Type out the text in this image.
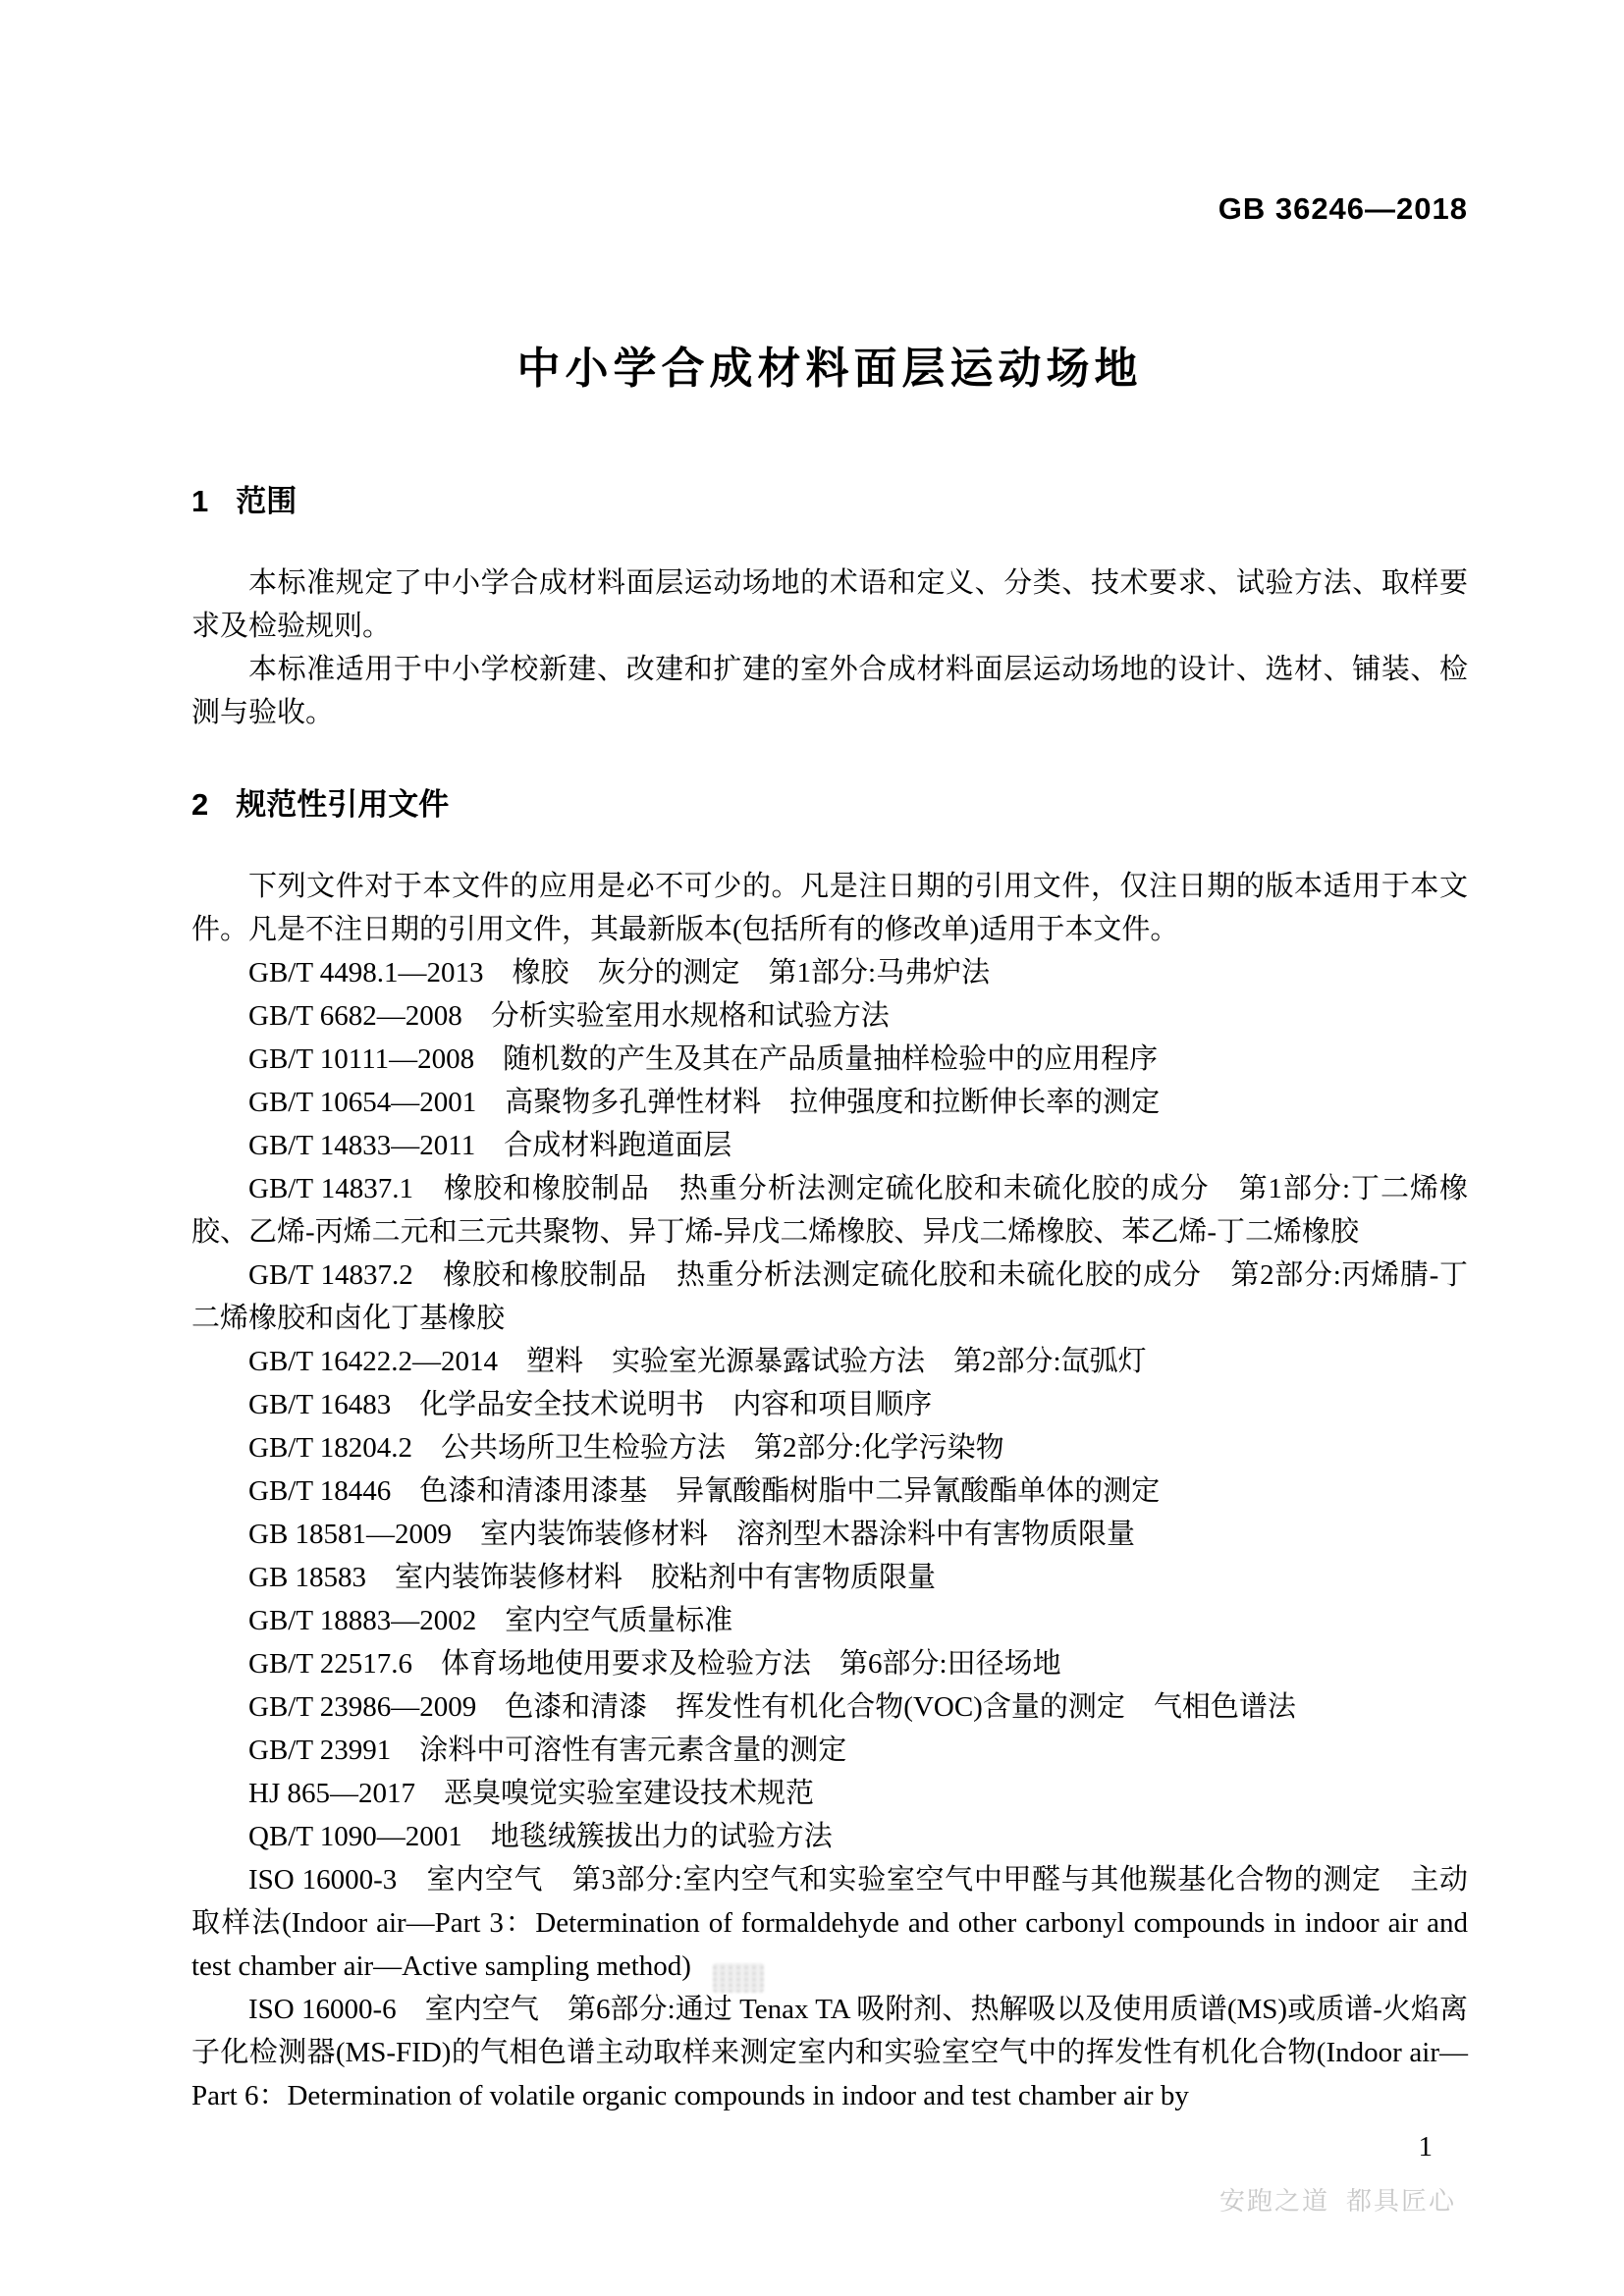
GB 36246—2018
中小学合成材料面层运动场地
1 范围

本标准规定了中小学合成材料面层运动场地的术语和定义、分类、技术要求、试验方法、取样要求及检验规则。

本标准适用于中小学校新建、改建和扩建的室外合成材料面层运动场地的设计、选材、铺装、检测与验收。

2 规范性引用文件

下列文件对于本文件的应用是必不可少的。凡是注日期的引用文件，仅注日期的版本适用于本文件。凡是不注日期的引用文件，其最新版本(包括所有的修改单)适用于本文件。

GB/T 4498.1—2013　橡胶　灰分的测定　第1部分:马弗炉法
GB/T 6682—2008　分析实验室用水规格和试验方法
GB/T 10111—2008　随机数的产生及其在产品质量抽样检验中的应用程序
GB/T 10654—2001　高聚物多孔弹性材料　拉伸强度和拉断伸长率的测定
GB/T 14833—2011　合成材料跑道面层
GB/T 14837.1　橡胶和橡胶制品　热重分析法测定硫化胶和未硫化胶的成分　第1部分:丁二烯橡胶、乙烯-丙烯二元和三元共聚物、异丁烯-异戊二烯橡胶、异戊二烯橡胶、苯乙烯-丁二烯橡胶
GB/T 14837.2　橡胶和橡胶制品　热重分析法测定硫化胶和未硫化胶的成分　第2部分:丙烯腈-丁二烯橡胶和卤化丁基橡胶
GB/T 16422.2—2014　塑料　实验室光源暴露试验方法　第2部分:氙弧灯
GB/T 16483　化学品安全技术说明书　内容和项目顺序
GB/T 18204.2　公共场所卫生检验方法　第2部分:化学污染物
GB/T 18446　色漆和清漆用漆基　异氰酸酯树脂中二异氰酸酯单体的测定
GB 18581—2009　室内装饰装修材料　溶剂型木器涂料中有害物质限量
GB 18583　室内装饰装修材料　胶粘剂中有害物质限量
GB/T 18883—2002　室内空气质量标准
GB/T 22517.6　体育场地使用要求及检验方法　第6部分:田径场地
GB/T 23986—2009　色漆和清漆　挥发性有机化合物(VOC)含量的测定　气相色谱法
GB/T 23991　涂料中可溶性有害元素含量的测定
HJ 865—2017　恶臭嗅觉实验室建设技术规范
QB/T 1090—2001　地毯绒簇拔出力的试验方法
ISO 16000-3　室内空气　第3部分:室内空气和实验室空气中甲醛与其他羰基化合物的测定　主动取样法(Indoor air—Part 3：Determination of formaldehyde and other carbonyl compounds in indoor air and test chamber air—Active sampling method)
ISO 16000-6　室内空气　第6部分:通过 Tenax TA 吸附剂、热解吸以及使用质谱(MS)或质谱-火焰离子化检测器(MS-FID)的气相色谱主动取样来测定室内和实验室空气中的挥发性有机化合物(Indoor air—Part 6：Determination of volatile organic compounds in indoor and test chamber air by
1
安跑之道  都具匠心
